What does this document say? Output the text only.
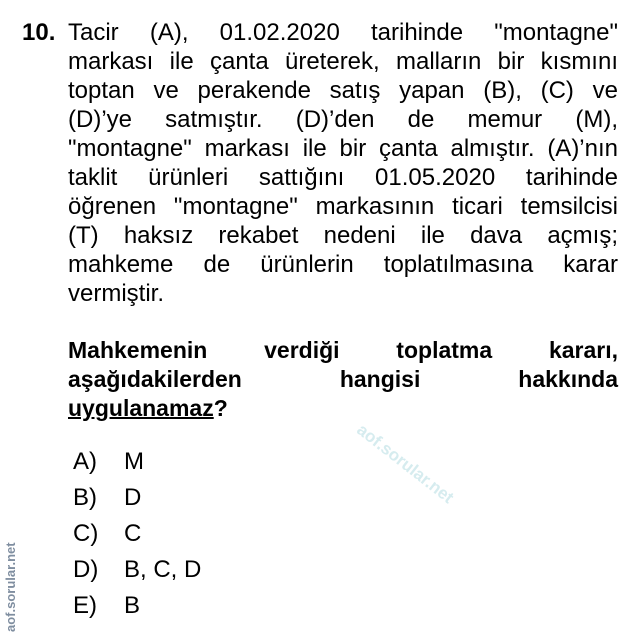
aof.sorular.net
10. Tacir (A), 01.02.2020 tarihinde "montagne"
markası ile çanta üreterek, malların bir kısmını
toptan ve perakende satış yapan (B), (C) ve
(D)’ye satmıştır. (D)’den de memur (M),
"montagne" markası ile bir çanta almıştır. (A)’nın
taklit ürünleri sattığını 01.05.2020 tarihinde
öğrenen "montagne" markasının ticari temsilcisi
(T) haksız rekabet nedeni ile dava açmış;
mahkeme de ürünlerin toplatılmasına karar
vermiştir.
Mahkemenin verdiği toplatma kararı,
aşağıdakilerden hangisi hakkında
uygulanamaz?
A)	M
B)	D
C)	C
D)	B, C, D
E)	B
aof.sorular.net
